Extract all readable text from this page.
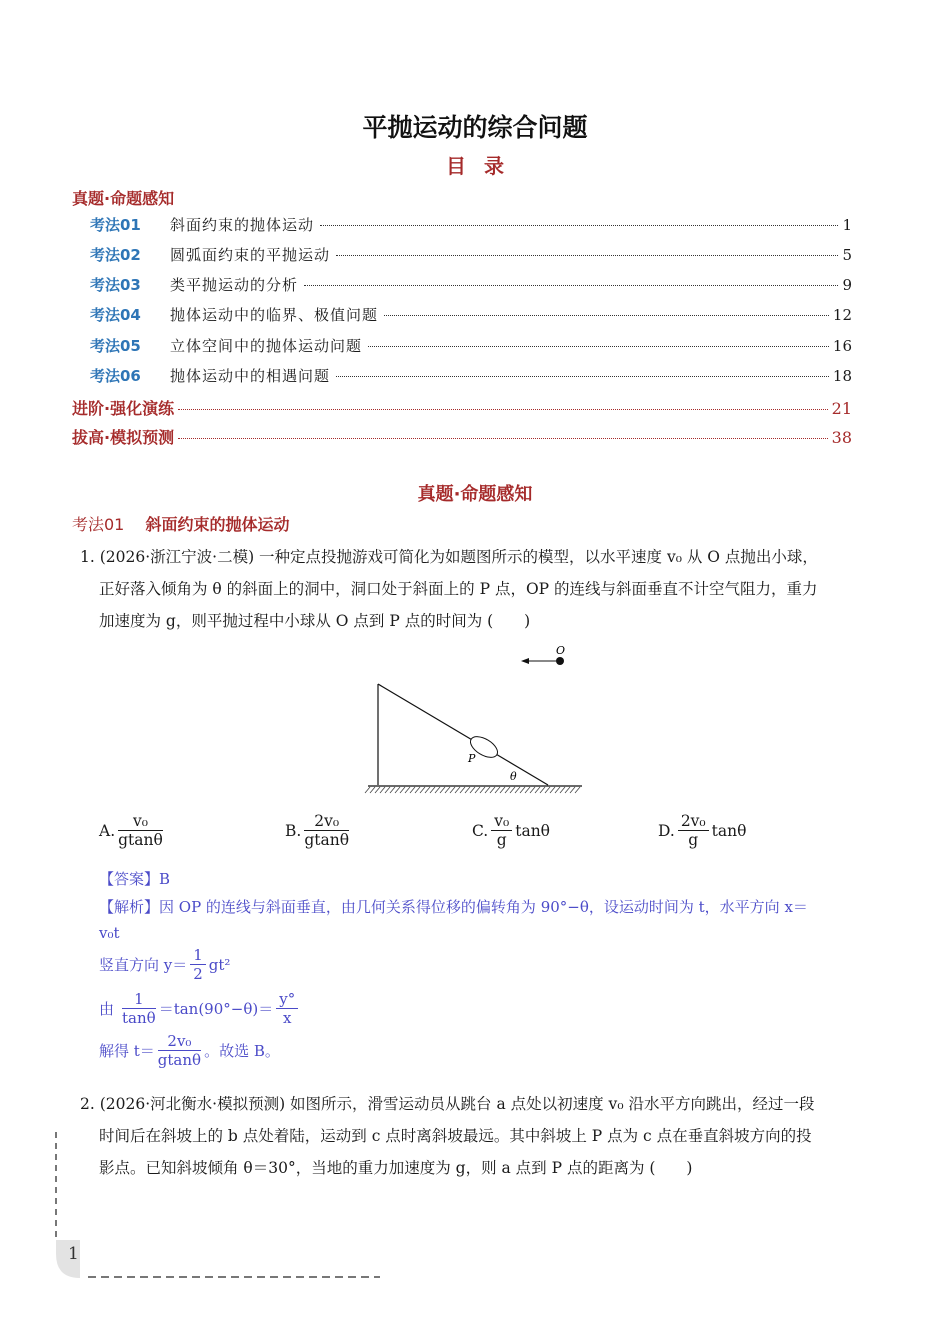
平抛运动的综合问题
目录
真题·命题感知
考法01	斜面约束的抛体运动	1
考法02	圆弧面约束的平抛运动	5
考法03	类平抛运动的分析	9
考法04	抛体运动中的临界、极值问题	12
考法05	立体空间中的抛体运动问题	16
考法06	抛体运动中的相遇问题	18
进阶·强化演练	21
拔高·模拟预测	38
真题·命题感知
考法01 斜面约束的抛体运动
1. (2026·浙江宁波·二模) 一种定点投抛游戏可简化为如题图所示的模型，以水平速度 v₀ 从 O 点抛出小球，
正好落入倾角为 θ 的斜面上的洞中，洞口处于斜面上的 P 点，OP 的连线与斜面垂直不计空气阻力，重力
加速度为 g，则平抛过程中小球从 O 点到 P 点的时间为 (　　)
O
P
θ
A. $\frac{\text{v₀}}{gtan\theta}$	B. $\frac{\text{2v₀}}{gtan\theta}$	C. $\frac{\text{v₀}}{g}$ tanθ	D. $\frac{\text{2v₀}}{g}$ tanθ
【答案】B
【解析】因 OP 的连线与斜面垂直，由几何关系得位移的偏转角为 90°−θ，设运动时间为 t，水平方向 x＝
v₀t
竖直方向 $y= \frac{1}{2} gt^2$
由 $\frac{1}{\tan\theta} =\tan(90^\circ-\theta)= \frac{y^\circ}{x}$
解得 $t= \frac{\text{2v₀}}{gtan\theta}$ 。故选 B。
2. (2026·河北衡水·模拟预测) 如图所示，滑雪运动员从跳台 a 点处以初速度 v₀ 沿水平方向跳出，经过一段
时间后在斜坡上的 b 点处着陆，运动到 c 点时离斜坡最远。其中斜坡上 P 点为 c 点在垂直斜坡方向的投
影点。已知斜坡倾角 θ＝30°，当地的重力加速度为 g，则 a 点到 P 点的距离为 (　　)
1
